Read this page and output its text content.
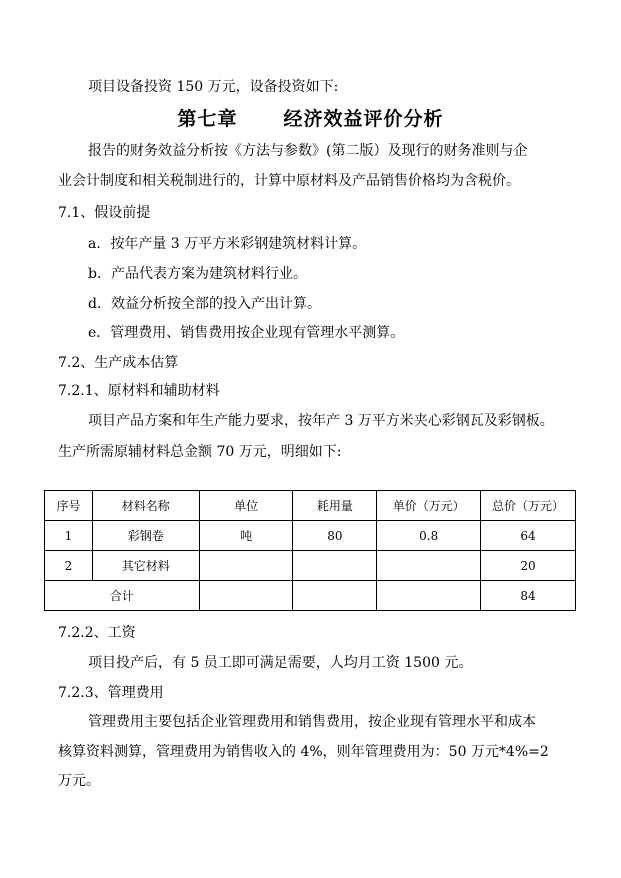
项目设备投资 150 万元，设备投资如下:
第七章 经济效益评价分析
报告的财务效益分析按《方法与参数》(第二版）及现行的财务准则与企
业会计制度和相关税制进行的，计算中原材料及产品销售价格均为含税价。
7.1、假设前提
a．按年产量 3 万平方米彩钢建筑材料计算。
b．产品代表方案为建筑材料行业。
d．效益分析按全部的投入产出计算。
e．管理费用、销售费用按企业现有管理水平测算。
7.2、生产成本估算
7.2.1、原材料和辅助材料
项目产品方案和年生产能力要求，按年产 3 万平方米夹心彩钢瓦及彩钢板。
生产所需原辅材料总金额 70 万元，明细如下:
序号	材料名称	单位	耗用量	单价（万元）	总价（万元）
1	彩钢卷	吨	80	0.8	64
2	其它材料				20
合计					84
7.2.2、工资
项目投产后，有 5 员工即可满足需要，人均月工资 1500 元。
7.2.3、管理费用
管理费用主要包括企业管理费用和销售费用，按企业现有管理水平和成本
核算资料测算，管理费用为销售收入的 4%，则年管理费用为：50 万元*4%=2
万元。
